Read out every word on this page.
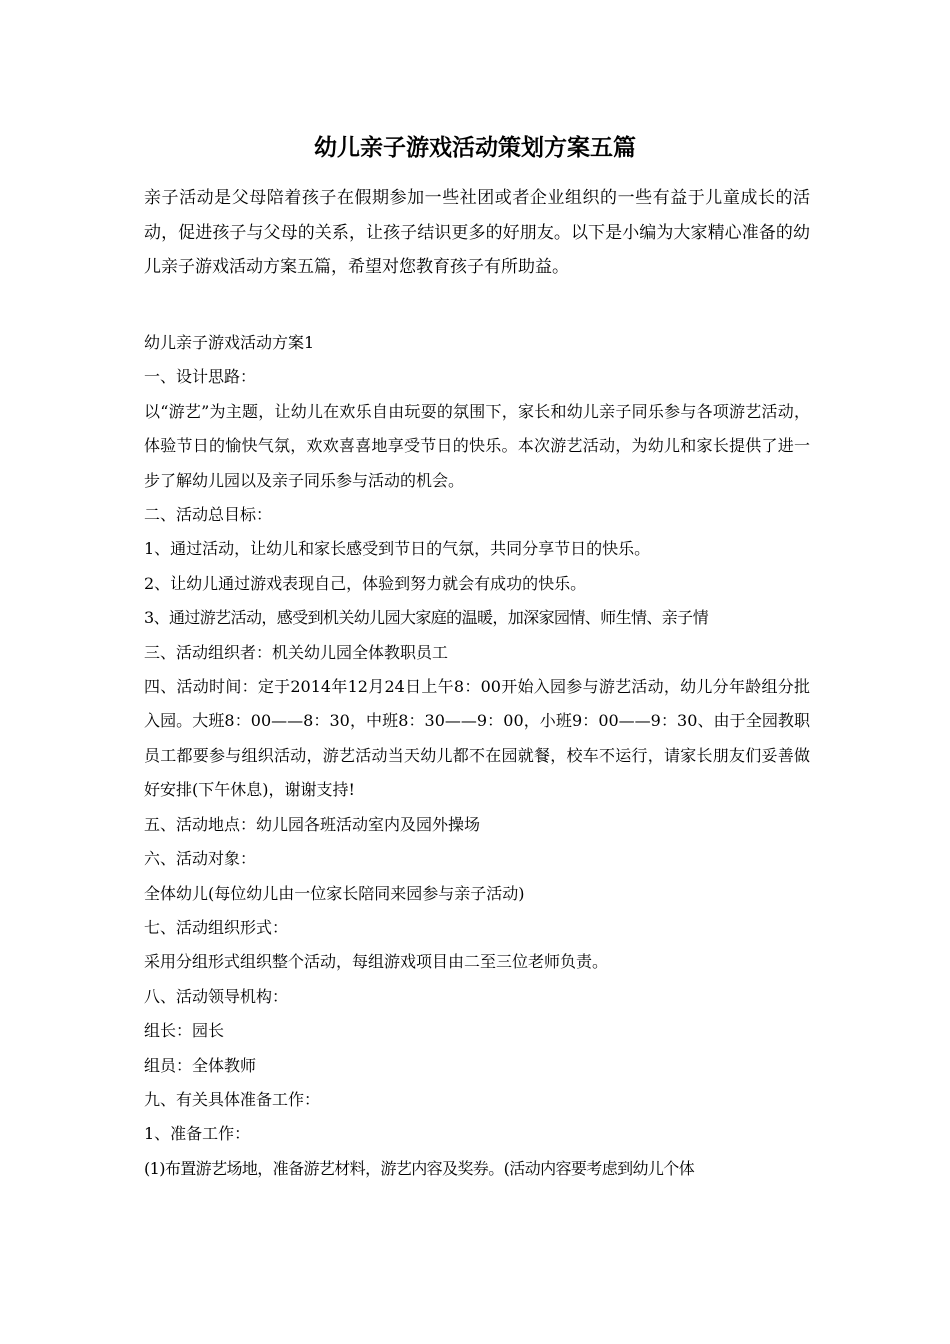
幼儿亲子游戏活动策划方案五篇

亲子活动是父母陪着孩子在假期参加一些社团或者企业组织的一些有益于儿童成长的活动，促进孩子与父母的关系，让孩子结识更多的好朋友。以下是小编为大家精心准备的幼儿亲子游戏活动方案五篇，希望对您教育孩子有所助益。

幼儿亲子游戏活动方案1

一、设计思路：

以“游艺”为主题，让幼儿在欢乐自由玩耍的氛围下，家长和幼儿亲子同乐参与各项游艺活动，体验节日的愉快气氛，欢欢喜喜地享受节日的快乐。本次游艺活动，为幼儿和家长提供了进一步了解幼儿园以及亲子同乐参与活动的机会。

二、活动总目标：

1、通过活动，让幼儿和家长感受到节日的气氛，共同分享节日的快乐。

2、让幼儿通过游戏表现自己，体验到努力就会有成功的快乐。

3、通过游艺活动，感受到机关幼儿园大家庭的温暖，加深家园情、师生情、亲子情

三、活动组织者：机关幼儿园全体教职员工

四、活动时间：定于2014年12月24日上午8：00开始入园参与游艺活动，幼儿分年龄组分批入园。大班8：00——8：30，中班8：30——9：00，小班9：00——9：30、由于全园教职员工都要参与组织活动，游艺活动当天幼儿都不在园就餐，校车不运行，请家长朋友们妥善做好安排(下午休息)，谢谢支持!

五、活动地点：幼儿园各班活动室内及园外操场

六、活动对象：

全体幼儿(每位幼儿由一位家长陪同来园参与亲子活动)

七、活动组织形式：

采用分组形式组织整个活动，每组游戏项目由二至三位老师负责。

八、活动领导机构：

组长：园长

组员：全体教师

九、有关具体准备工作：

1、准备工作：

(1)布置游艺场地，准备游艺材料，游艺内容及奖券。(活动内容要考虑到幼儿个体
